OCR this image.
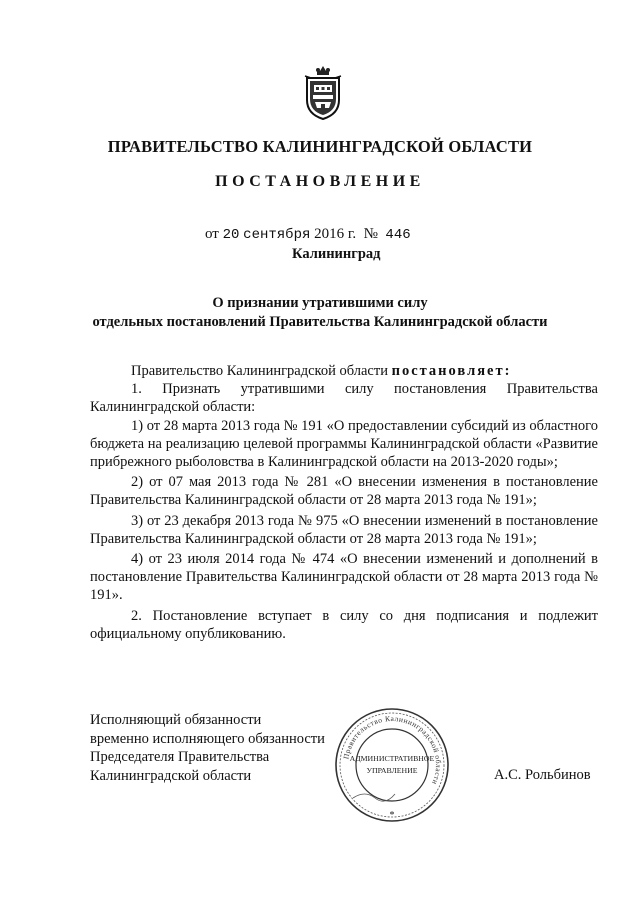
ПРАВИТЕЛЬСТВО КАЛИНИНГРАДСКОЙ ОБЛАСТИ
ПОСТАНОВЛЕНИЕ
от 20 сентября 2016 г. № 446
Калининград
О признании утратившими силу
отдельных постановлений Правительства Калининградской области

Правительство Калининградской области постановляет:

1. Признать утратившими силу постановления Правительства Калининградской области:

1) от 28 марта 2013 года № 191 «О предоставлении субсидий из областного бюджета на реализацию целевой программы Калининградской области «Развитие прибрежного рыболовства в Калининградской области на 2013-2020 годы»;

2) от 07 мая 2013 года № 281 «О внесении изменения в постановление Правительства Калининградской области от 28 марта 2013 года № 191»;

3) от 23 декабря 2013 года № 975 «О внесении изменений в постановление Правительства Калининградской области от 28 марта 2013 года № 191»;

4) от 23 июля 2014 года № 474 «О внесении изменений и дополнений в постановление Правительства Калининградской области от 28 марта 2013 года № 191».

2. Постановление вступает в силу со дня подписания и подлежит официальному опубликованию.

Исполняющий обязанности
временно исполняющего обязанности
Председателя Правительства
Калининградской области
Правительство Калининградской области
АДМИНИСТРАТИВНОЕ
УПРАВЛЕНИЕ
*
А.С. Рольбинов
